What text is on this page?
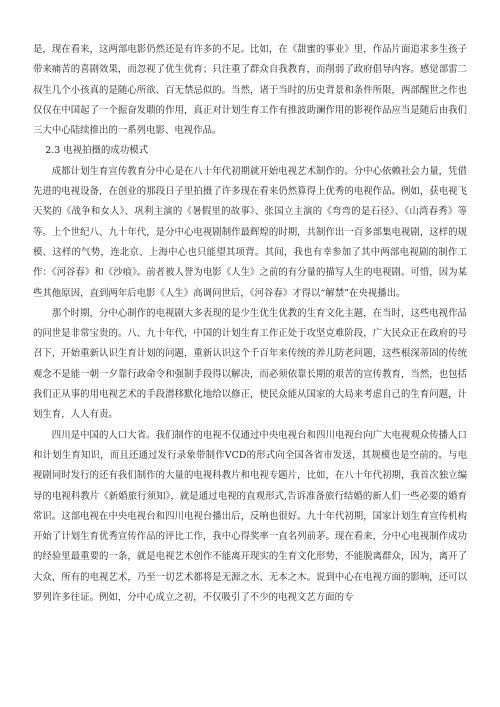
是，现在看来，这两部电影仍然还是有许多的不足。比如，在《甜蜜的事业》里，作品片面追求多生孩子带来痛苦的喜剧效果，而忽视了优生优育；只注重了群众自我教育，而削弱了政府倡导内容。感觉部雷二叔生几个小孩真的是随心所欲、百无禁忌似的。当然，诸于当时的历史背景和条件所限，两部醒世之作也仅仅在中国起了一个振奋发聩的作用，真正对计划生育工作有推波助澜作用的影视作品应当是随后由我们三大中心陆续推出的一系列电影、电视作品。

2.3 电视拍摄的成功模式

成都计划生育宣传教育分中心是在八十年代初期就开始电视艺术制作的。分中心依赖社会力量，凭借先进的电视设备，在创业的那段日子里拍摄了许多现在看来仍然算得上优秀的电视作品。例如，获电视飞天奖的《战争和女人》、巩利主演的《暑假里的故事》、张国立主演的《弯弯的是石径》、《山湾春秀》等等。上个世纪八、九十年代，是分中心电视剧制作最辉煌的时期，共制作出一百多部集电视剧，这样的规模、这样的气势，连北京、上海中心也只能望其项背。其间，我也有幸参加了其中两部电视剧的制作工作：《河谷春》和《沙痕》。前者被人誉为电影《人生》之前的有分量的描写人生的电视剧。可惜，因为某些其他原因，直到两年后电影《人生》高调问世后，《河谷春》才得以“解禁”在央视播出。

那个时期，分中心制作的电视剧大多表现的是少生优生优教的生育文化主题，在当时，这些电视作品的问世是非常宝贵的。八、九十年代，中国的计划生育工作正处于攻坚克难阶段，广大民众正在政府的号召下，开始重新认识生育计划的问题，重新认识这个千百年来传统的养儿防老问题，这些根深蒂固的传统观念不是能一朝一夕靠行政命令和强制手段得以解决，而必须依靠长期的艰苦的宣传教育，当然，也包括我们正从事的用电视艺术的手段潜移默化地给以修正，使民众能从国家的大局来考虑自己的生育问题，计划生育，人人有责。

四川是中国的人口大省。我们制作的电视不仅通过中央电视台和四川电视台向广大电视观众传播人口和计划生育知识，而且还通过发行录象带制作VCD的形式向全国各省市发送，其规模也是空前的。与电视剧同时发行的还有我们制作的大量的电视科教片和电视专题片，比如，在八十年代初期，我首次独立编导的电视科教片《新婚旅行须知》，就是通过电视的直观形式,告诉准备旅行结婚的新人们一些必要的婚育常识。这部电视在中央电视台和四川电视台播出后，反响也很好。九十年代初期，国家计划生育宣传机构开始了计划生育优秀宣传作品的评比工作，我中心得奖率一直名列前茅。现在看来，分中心电视制作成功的经验里最重要的一条，就是电视艺术创作不能离开现实的生育文化形势，不能脱离群众，因为，离开了大众，所有的电视艺术，乃至一切艺术都将是无源之水、无本之木。说到中心在电视方面的影响，还可以罗列许多往证。例如，分中心成立之初，不仅吸引了不少的电视文艺方面的专
